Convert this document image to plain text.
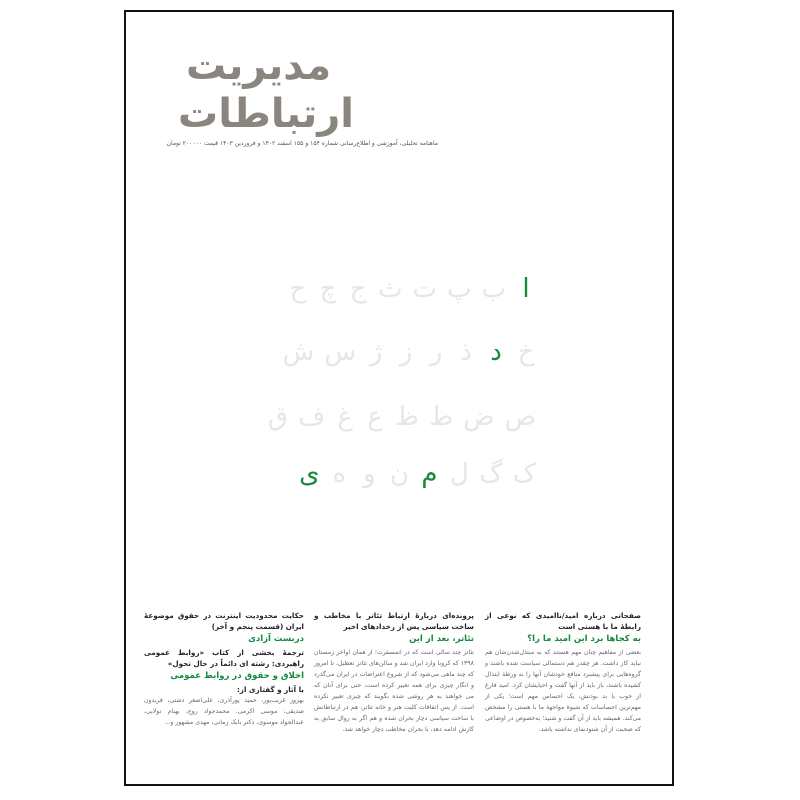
مدیریت
ارتباطات
ماهنامه تحلیلی، آموزشی و اطلاع‌رسانی شماره ۱۵۴ و ۱۵۵ اسفند ۱۴۰۲ و فروردین ۱۴۰۳ قیمت ۲۰۰۰۰۰ تومان
ا
ب
پ
ت
ث
ج
چ
ح
خ
د
ذ
ر
ز
ژ
س
ش
ص
ض
ط
ظ
ع
غ
ف
ق
ک
گ
ل
م
ن
و
ه
ی
صفحاتی درباره امید/ناامیدی که نوعی از رابطهٔ ما با هستی است
به کجاها برد این امید ما را؟
بعضی از مفاهیم چنان مهم هستند که به مبتذل‌شدن‌شان هم نباید کار داشت. هر چقدر هم دستمالی سیاست شده باشند و گروه‌هایی برای پیشبرد منافع خودشان آنها را به ورطهٔ ابتذال کشیده باشند، باز باید از آنها گفت و احیایشان کرد. امید فارغ از خوب یا بد بودنش، یک احساس مهم است؛ یکی از مهم‌ترین احساسات که شیوهٔ مواجههٔ ما با هستی را مشخص می‌کند. همیشه باید از آن گفت و شنید؛ به‌خصوص در اوضاعی که صحبت از آن شنودنمای نداشته باشد.
پرونده‌ای دربارهٔ ارتباط تئاتر با مخاطب و ساخت سیاسی پس از رخدادهای اخیر
تئاتر، بعد از این
تئاتر چند سالی است که در اتمسفرت؛ از همان اواخر زمستان ۱۳۹۸ که کرونا وارد ایران شد و سالن‌های تئاتر تعطیل، تا امروز که چند ماهی می‌شود که از شروع اعتراضات در ایران می‌گذرد و انگار چیزی برای همه تغییر کرده است، حتی برای آنان که می خواهند به هر روشی شده بگویند که چیزی تغییر نکرده است. از پس اتفاقات کلیت هنر و خانه تئاتر، هم در ارتباطاتش با ساخت سیاسی دچار بحران شده و هم اگر به روال سابق به کارش ادامه دهد، با بحران مخاطب دچار خواهد شد.
حکایت محدودیت اینترنت در حقوق موضوعهٔ ایران (قسمت پنجم و آخر)
دربست آزادی
ترجمهٔ بخشی از کتاب «روابط عمومی راهبردی: رشته ای دائماً در حال تحول»
اخلاق و حقوق در روابط عمومی
با آثار و گفتاری از:
بهروز غریب‌پور، حمید پورآذری، علی‌اصغر دشتی، فریدون صدیقی، موسی اکرمی، محمدجواد روح، بهنام تولایی، عبدالجواد موسوی، دکتر بابک زمانی، مهدی مشهور و…
